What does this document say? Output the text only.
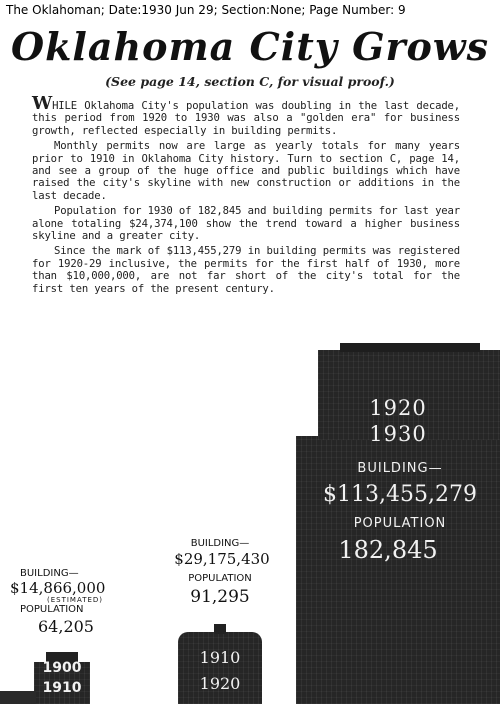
The Oklahoman; Date:1930 Jun 29; Section:None; Page Number: 9
Oklahoma City Grows
(See page 14, section C, for visual proof.)

WHILE Oklahoma City's population was doubling in the last decade, this period from 1920 to 1930 was also a "golden era" for business growth, reflected especially in building permits.

Monthly permits now are large as yearly totals for many years prior to 1910 in Oklahoma City history. Turn to section C, page 14, and see a group of the huge office and public buildings which have raised the city's skyline with new construction or additions in the last decade.

Population for 1930 of 182,845 and building permits for last year alone totaling $24,374,100 show the trend toward a higher business skyline and a greater city.

Since the mark of $113,455,279 in building permits was registered for 1920-29 inclusive, the permits for the first half of 1930, more than $10,000,000, are not far short of the city's total for the first ten years of the present century.

1900
1910
BUILDING—
$14,866,000
(ESTIMATED)
POPULATION
64,205
1910
1920
BUILDING—
$29,175,430
POPULATION
91,295
1920
1930
BUILDING—
$113,455,279
POPULATION
182,845
